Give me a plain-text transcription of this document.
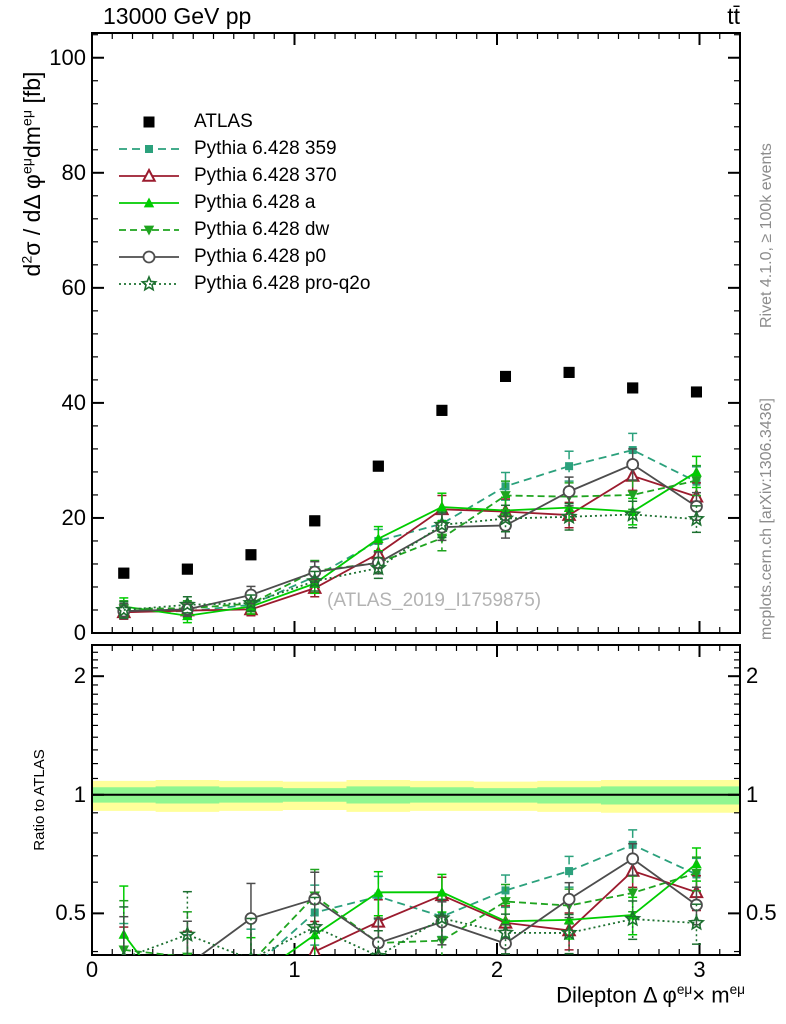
(ATLAS_2019_I1759875)
13000 GeV pp	tt̄
$d^2\sigma$ / dΔ $\varphi^{e\mu}dm^{e\mu}$ [fb]
Ratio to ATLAS
Rivet 4.1.0, ≥ 100k events
mcplots.cern.ch [arXiv:1306.3436]
Dilepton Δ $\varphi^{e\mu}\times m^{e\mu}$
ATLAS
Pythia 6.428 359
Pythia 6.428 370
Pythia 6.428 a
Pythia 6.428 dw
Pythia 6.428 p0
Pythia 6.428 pro-q2o
0
20
40
60
80
100
0.5	0.5
1	1
2	2
0	1	2	3
